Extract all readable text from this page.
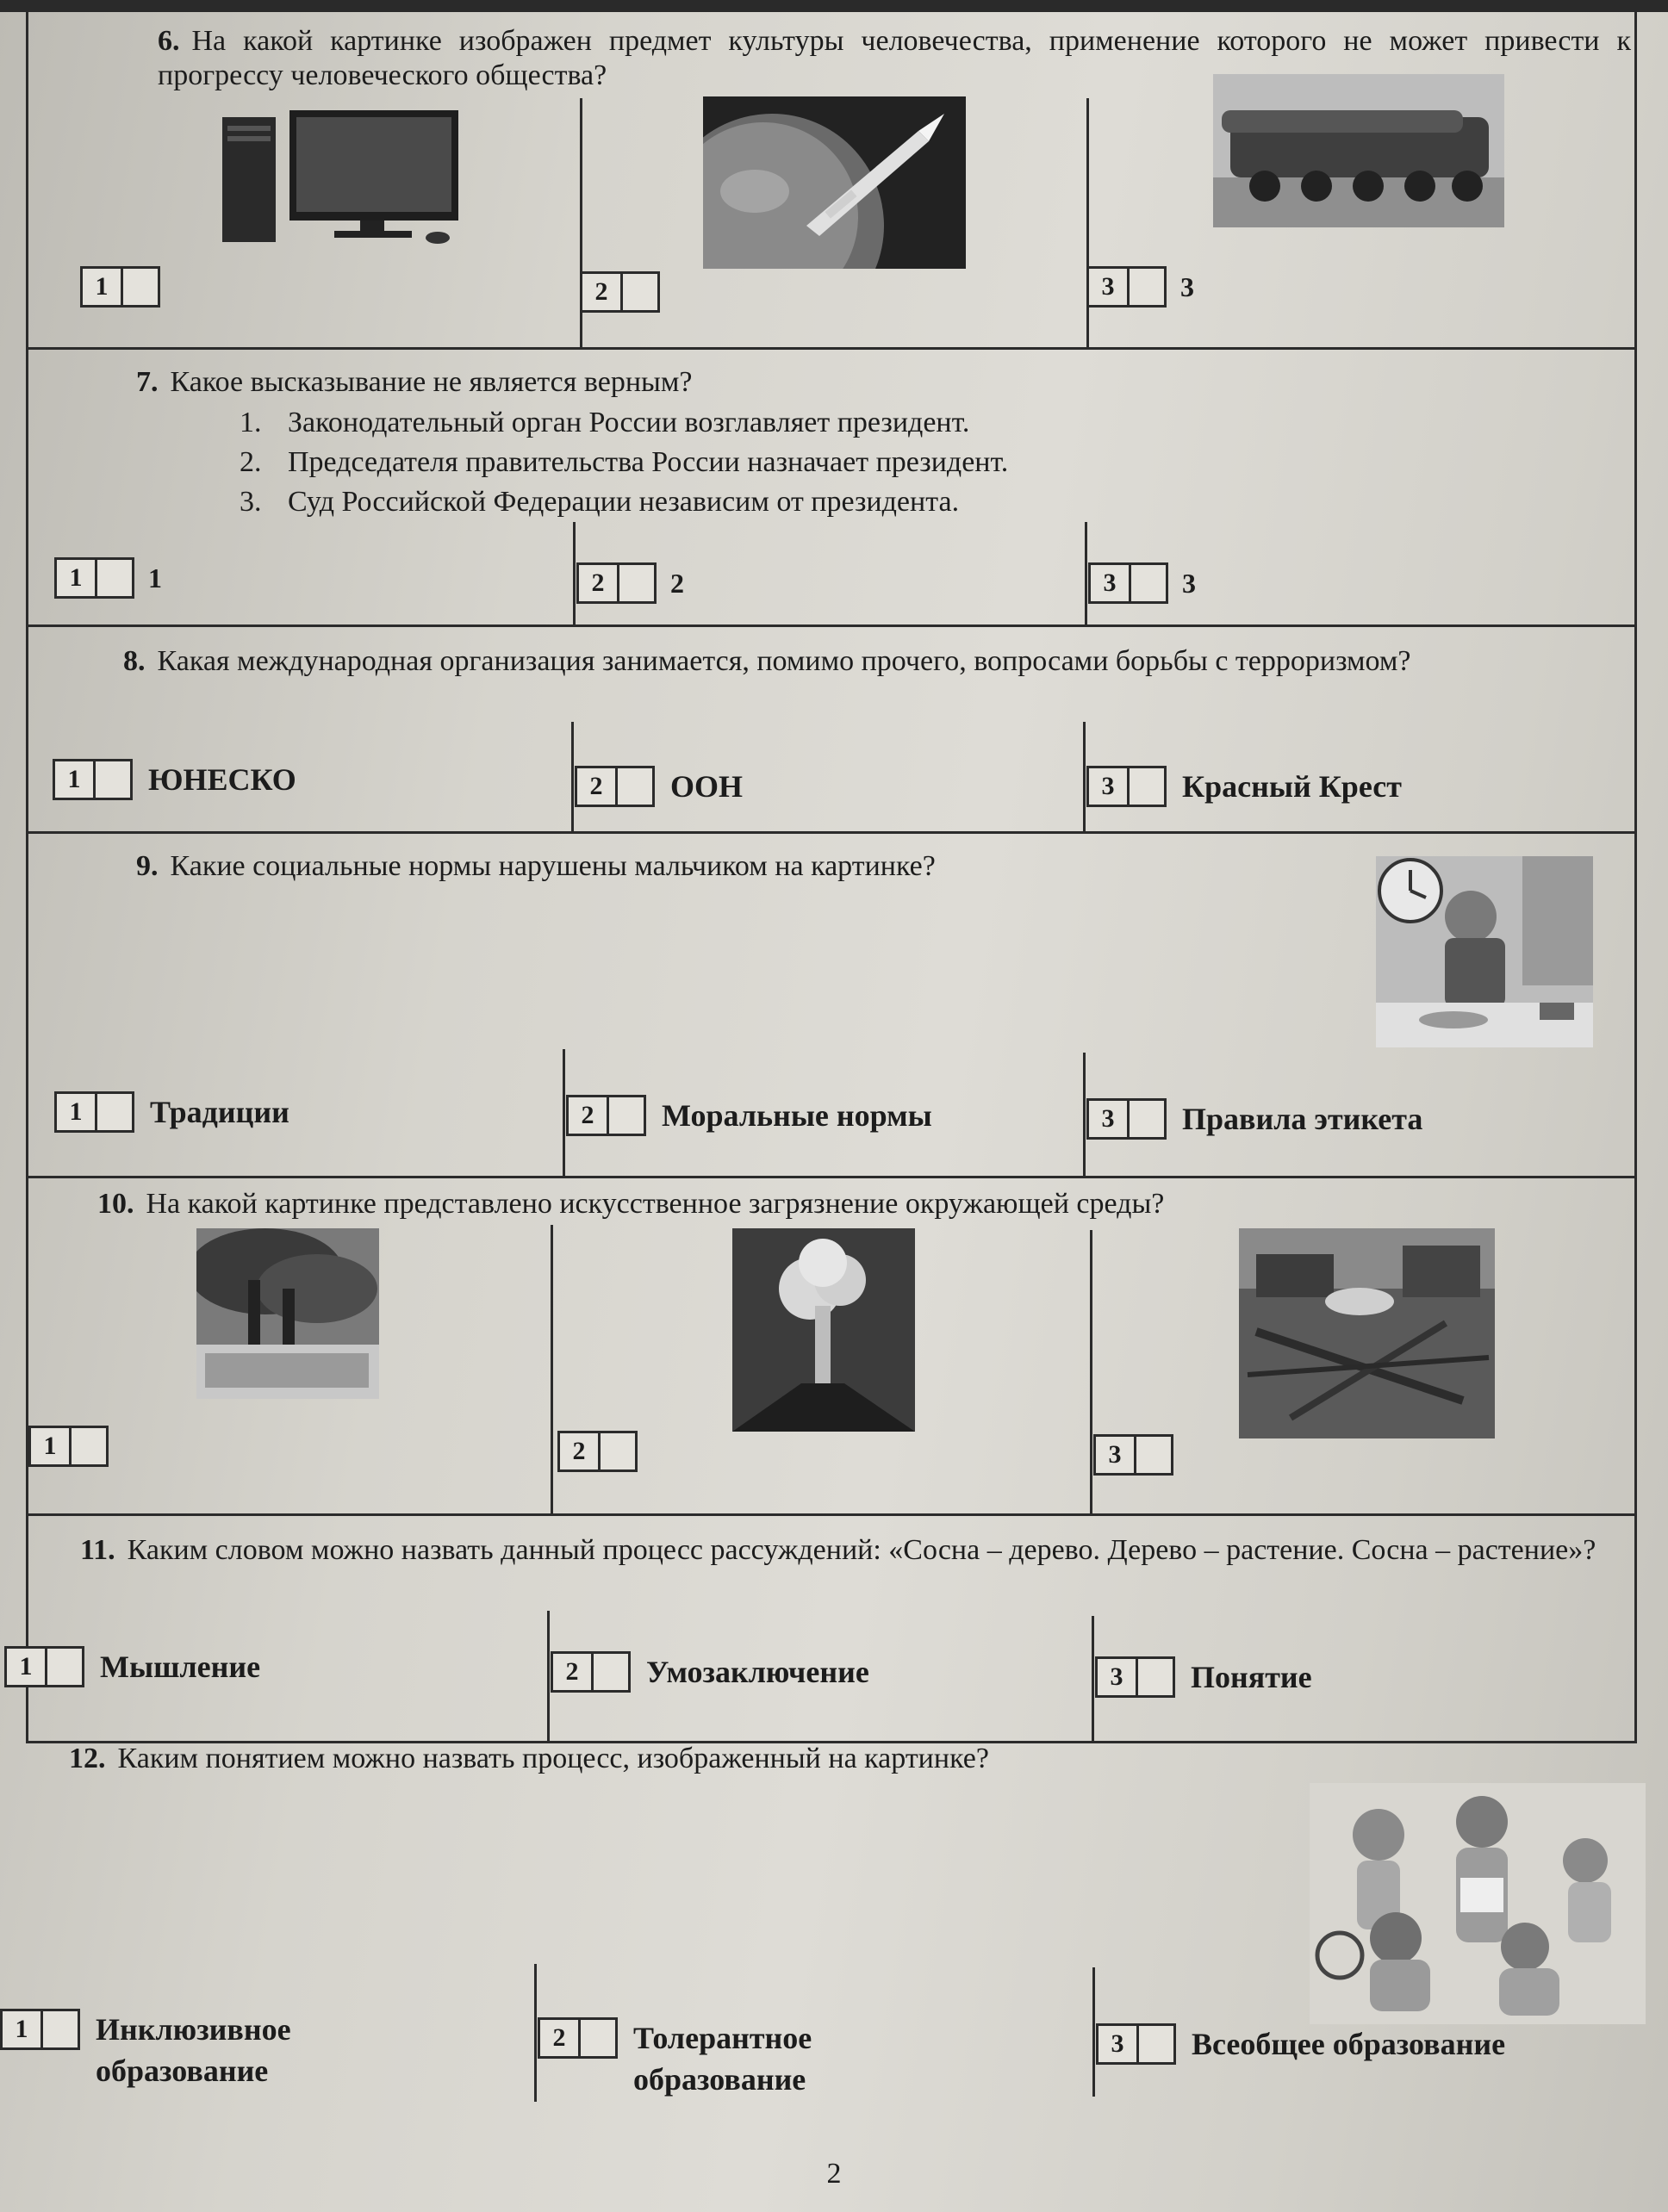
6. На какой картинке изображен предмет культуры человечества, применение которого не может привести к прогрессу человеческого общества?
1	2	3	3
7. Какое высказывание не является верным?
1. Законодательный орган России возглавляет президент.
2. Председателя правительства России назначает президент.
3. Суд Российской Федерации независим от президента.
1	1	2	2	3	3
8. Какая международная организация занимается, помимо прочего, вопросами борьбы с терроризмом?
1	ЮНЕСКО	2	ООН	3	Красный Крест
9. Какие социальные нормы нарушены мальчиком на картинке?
1	Традиции	2	Моральные нормы	3	Правила этикета
10. На какой картинке представлено искусственное загрязнение окружающей среды?
1	2	3
11. Каким словом можно назвать данный процесс рассуждений: «Сосна – дерево. Дерево – растение. Сосна – растение»?
1	Мышление	2	Умозаключение	3	Понятие
12. Каким понятием можно назвать процесс, изображенный на картинке?
1	Инклюзивное
образование
2	Толерантное
образование
3	Всеобщее образование
2
